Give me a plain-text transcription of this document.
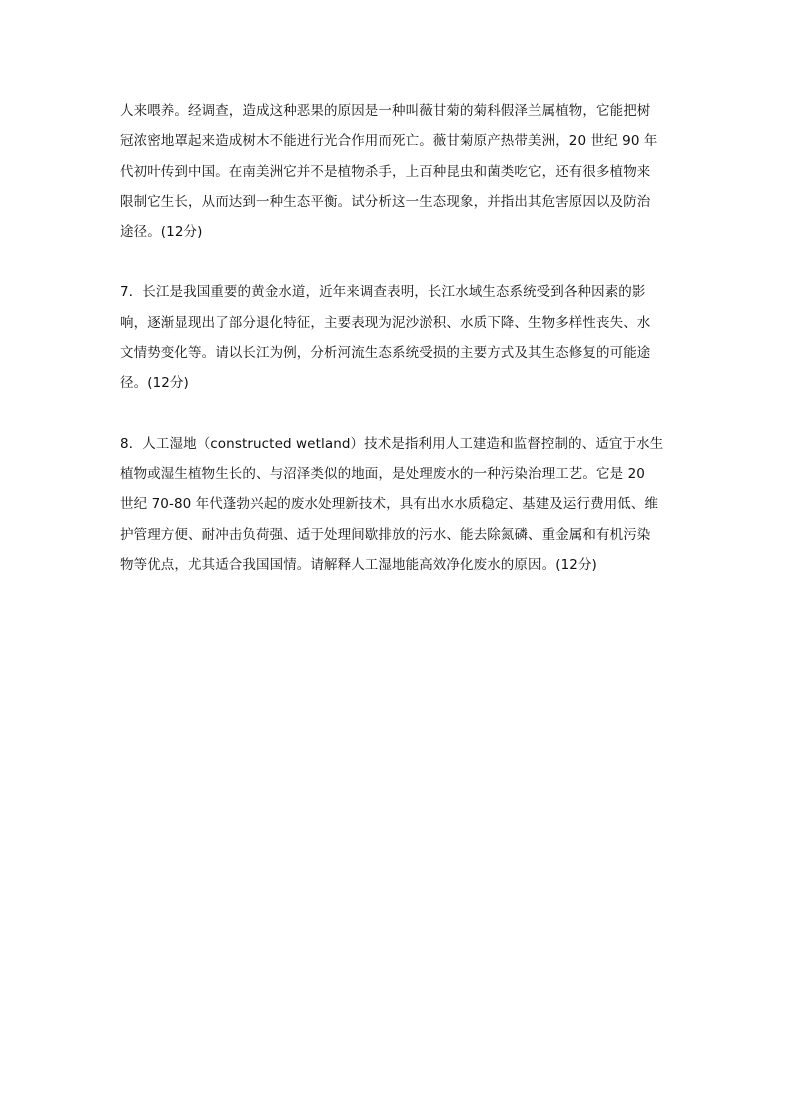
人来喂养。经调查，造成这种恶果的原因是一种叫薇甘菊的菊科假泽兰属植物，它能把树
冠浓密地罩起来造成树木不能进行光合作用而死亡。薇甘菊原产热带美洲，20 世纪 90 年
代初叶传到中国。在南美洲它并不是植物杀手，上百种昆虫和菌类吃它，还有很多植物来
限制它生长，从而达到一种生态平衡。试分析这一生态现象，并指出其危害原因以及防治
途径。(12分)

7．长江是我国重要的黄金水道，近年来调查表明，长江水域生态系统受到各种因素的影
响，逐渐显现出了部分退化特征，主要表现为泥沙淤积、水质下降、生物多样性丧失、水
文情势变化等。请以长江为例，分析河流生态系统受损的主要方式及其生态修复的可能途
径。(12分)

8．人工湿地（constructed wetland）技术是指利用人工建造和监督控制的、适宜于水生
植物或湿生植物生长的、与沼泽类似的地面，是处理废水的一种污染治理工艺。它是 20
世纪 70-80 年代蓬勃兴起的废水处理新技术，具有出水水质稳定、基建及运行费用低、维
护管理方便、耐冲击负荷强、适于处理间歇排放的污水、能去除氮磷、重金属和有机污染
物等优点，尤其适合我国国情。请解释人工湿地能高效净化废水的原因。(12分)
